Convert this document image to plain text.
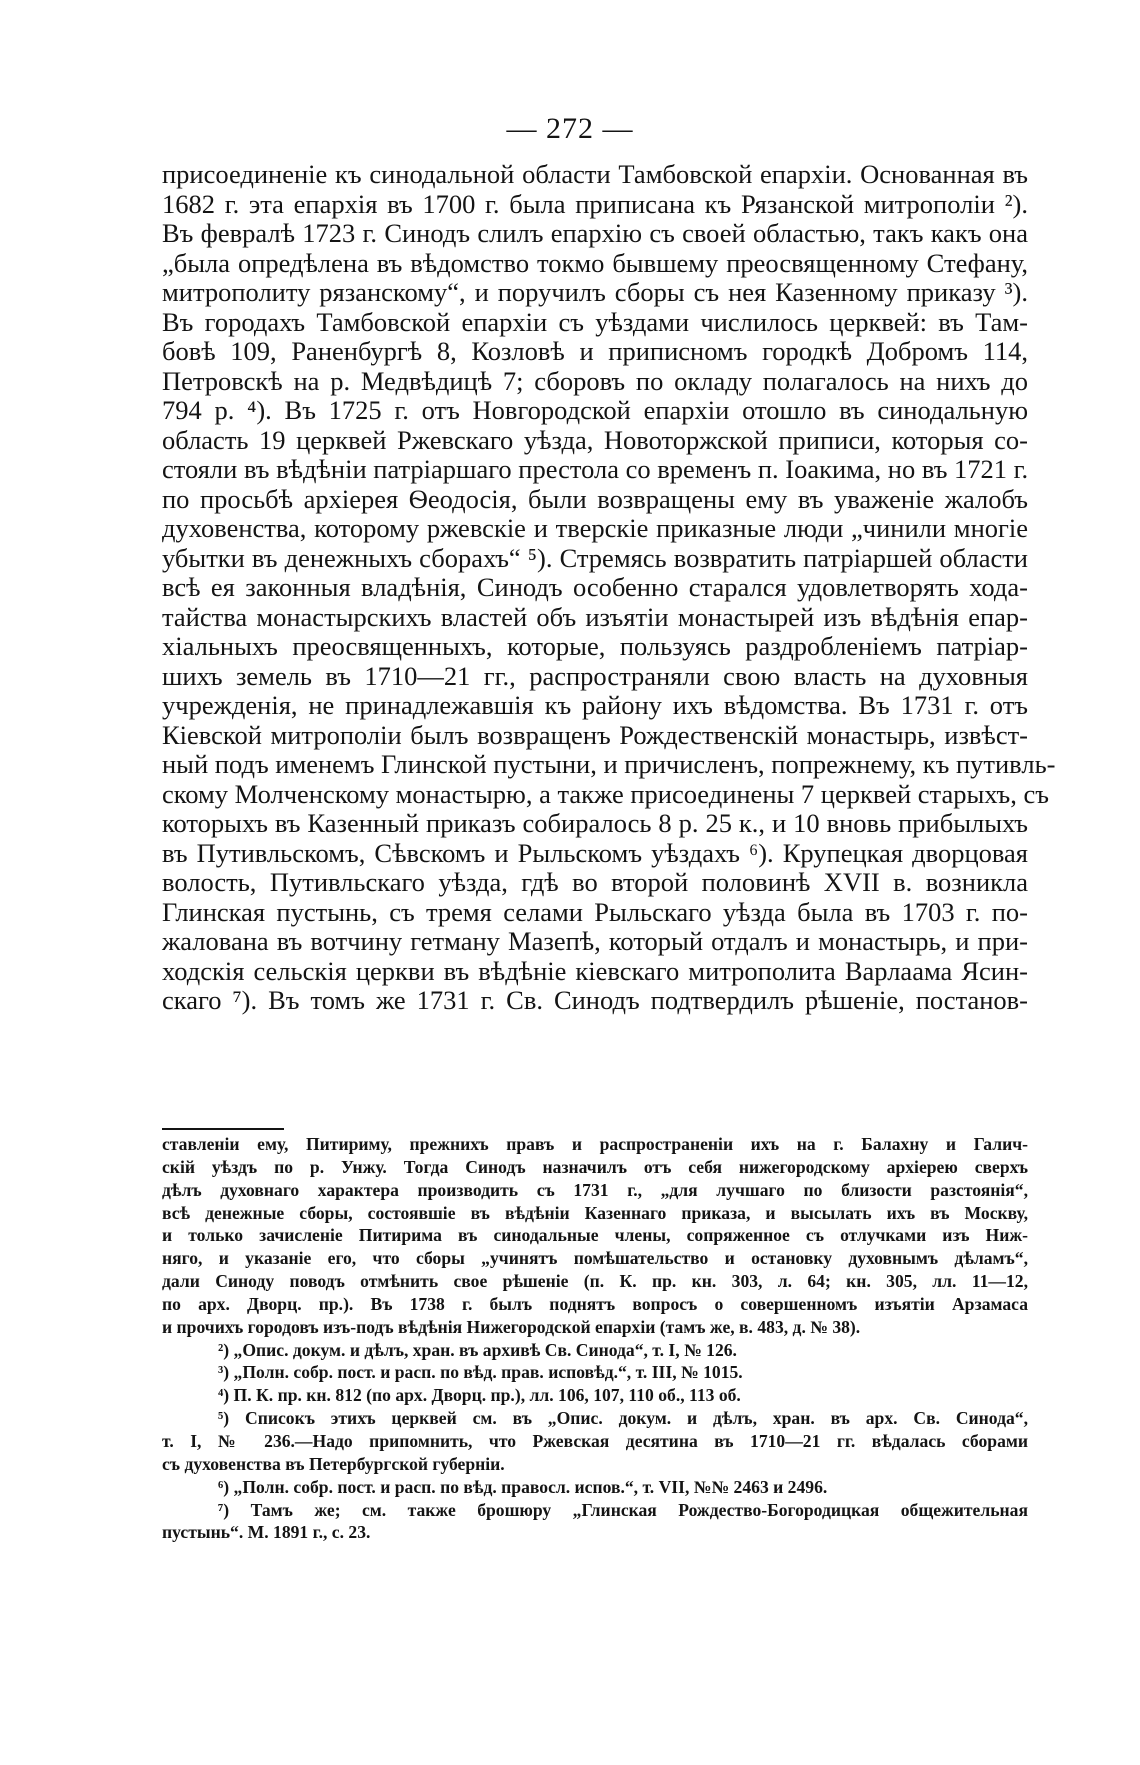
— 272 —
присоединеніе къ синодальной области Тамбовской епархіи. Основанная въ
1682 г. эта епархія въ 1700 г. была приписана къ Рязанской митрополіи ²).
Въ февралѣ 1723 г. Синодъ слилъ епархію съ своей областью, такъ какъ она
„была опредѣлена въ вѣдомство токмо бывшему преосвященному Стефану,
митрополиту рязанскому“, и поручилъ сборы съ нея Казенному приказу ³).
Въ городахъ Тамбовской епархіи съ уѣздами числилось церквей: въ Там-
бовѣ 109, Раненбургѣ 8, Козловѣ и приписномъ городкѣ Добромъ 114,
Петровскѣ на р. Медвѣдицѣ 7; сборовъ по окладу полагалось на нихъ до
794 р. ⁴). Въ 1725 г. отъ Новгородской епархіи отошло въ синодальную
область 19 церквей Ржевскаго уѣзда, Новоторжской приписи, которыя со-
стояли въ вѣдѣніи патріаршаго престола со временъ п. Іоакима, но въ 1721 г.
по просьбѣ архіерея Ѳеодосія, были возвращены ему въ уваженіе жалобъ
духовенства, которому ржевскіе и тверскіе приказные люди „чинили многіе
убытки въ денежныхъ сборахъ“ ⁵). Стремясь возвратить патріаршей области
всѣ ея законныя владѣнія, Синодъ особенно старался удовлетворять хода-
тайства монастырскихъ властей объ изъятіи монастырей изъ вѣдѣнія епар-
хіальныхъ преосвященныхъ, которые, пользуясь раздробленіемъ патріар-
шихъ земель въ 1710—21 гг., распространяли свою власть на духовныя
учрежденія, не принадлежавшія къ району ихъ вѣдомства. Въ 1731 г. отъ
Кіевской митрополіи былъ возвращенъ Рождественскій монастырь, извѣст-
ный подъ именемъ Глинской пустыни, и причисленъ, попрежнему, къ путивль-
скому Молченскому монастырю, а также присоединены 7 церквей старыхъ, съ
которыхъ въ Казенный приказъ собиралось 8 р. 25 к., и 10 вновь прибылыхъ
въ Путивльскомъ, Сѣвскомъ и Рыльскомъ уѣздахъ ⁶). Крупецкая дворцовая
волость, Путивльскаго уѣзда, гдѣ во второй половинѣ XVII в. возникла
Глинская пустынь, съ тремя селами Рыльскаго уѣзда была въ 1703 г. по-
жалована въ вотчину гетману Мазепѣ, который отдалъ и монастырь, и при-
ходскія сельскія церкви въ вѣдѣніе кіевскаго митрополита Варлаама Ясин-
скаго ⁷). Въ томъ же 1731 г. Св. Синодъ подтвердилъ рѣшеніе, постанов-
ставленіи ему, Питириму, прежнихъ правъ и распространеніи ихъ на г. Балахну и Галич-
скій уѣздъ по р. Унжу. Тогда Синодъ назначилъ отъ себя нижегородскому архіерею сверхъ
дѣлъ духовнаго характера производить съ 1731 г., „для лучшаго по близости разстоянія“,
всѣ денежные сборы, состоявшіе въ вѣдѣніи Казеннаго приказа, и высылать ихъ въ Москву,
и только зачисленіе Питирима въ синодальные члены, сопряженное съ отлучками изъ Ниж-
няго, и указаніе его, что сборы „учинятъ помѣшательство и остановку духовнымъ дѣламъ“,
дали Синоду поводъ отмѣнить свое рѣшеніе (п. К. пр. кн. 303, л. 64; кн. 305, лл. 11—12,
по арх. Дворц. пр.). Въ 1738 г. былъ поднятъ вопросъ о совершенномъ изъятіи Арзамаса
и прочихъ городовъ изъ-подъ вѣдѣнія Нижегородской епархіи (тамъ же, в. 483, д. № 38).
²) „Опис. докум. и дѣлъ, хран. въ архивѣ Св. Синода“, т. I, № 126.
³) „Полн. собр. пост. и расп. по вѣд. прав. исповѣд.“, т. III, № 1015.
⁴) П. К. пр. кн. 812 (по арх. Дворц. пр.), лл. 106, 107, 110 об., 113 об.
⁵) Списокъ этихъ церквей см. въ „Опис. докум. и дѣлъ, хран. въ арх. Св. Синода“,
т. I, № 236.—Надо припомнить, что Ржевская десятина въ 1710—21 гг. вѣдалась сборами
съ духовенства въ Петербургской губерніи.
⁶) „Полн. собр. пост. и расп. по вѣд. правосл. испов.“, т. VII, №№ 2463 и 2496.
⁷) Тамъ же; см. также брошюру „Глинская Рождество-Богородицкая общежительная
пустынь“. М. 1891 г., с. 23.
